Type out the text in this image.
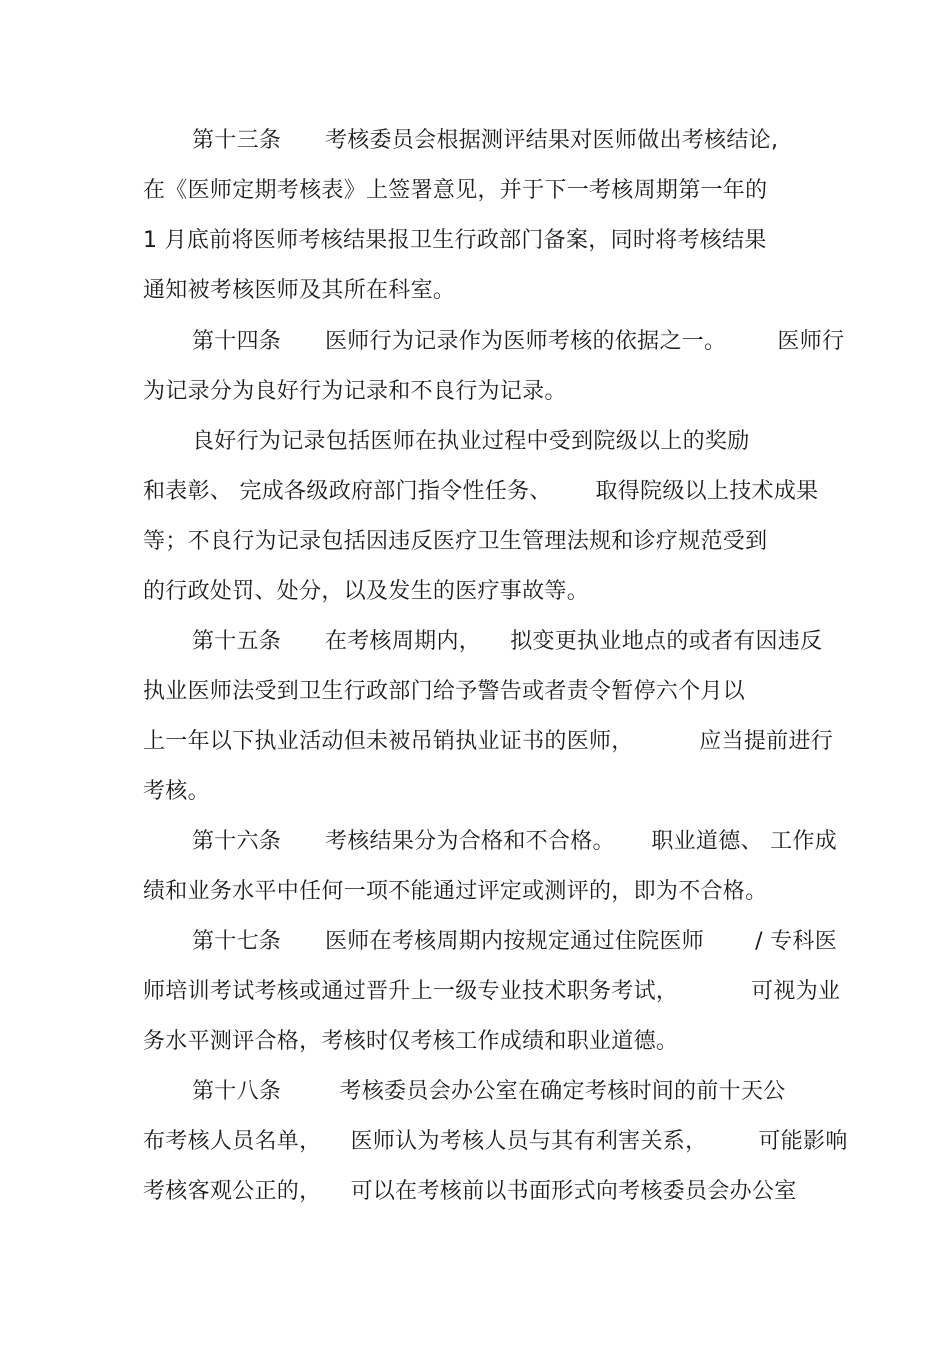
第十三条      考核委员会根据测评结果对医师做出考核结论,
在《医师定期考核表》上签署意见，并于下一考核周期第一年的
1 月底前将医师考核结果报卫生行政部门备案，同时将考核结果
通知被考核医师及其所在科室。
第十四条      医师行为记录作为医师考核的依据之一。       医师行
为记录分为良好行为记录和不良行为记录。
良好行为记录包括医师在执业过程中受到院级以上的奖励
和表彰、 完成各级政府部门指令性任务、      取得院级以上技术成果
等；不良行为记录包括因违反医疗卫生管理法规和诊疗规范受到
的行政处罚、处分，以及发生的医疗事故等。
第十五条      在考核周期内，    拟变更执业地点的或者有因违反
执业医师法受到卫生行政部门给予警告或者责令暂停六个月以
上一年以下执业活动但未被吊销执业证书的医师，         应当提前进行
考核。
第十六条      考核结果分为合格和不合格。     职业道德、 工作成
绩和业务水平中任何一项不能通过评定或测评的，即为不合格。
第十七条      医师在考核周期内按规定通过住院医师       / 专科医
师培训考试考核或通过晋升上一级专业技术职务考试，          可视为业
务水平测评合格，考核时仅考核工作成绩和职业道德。
第十八条        考核委员会办公室在确定考核时间的前十天公
布考核人员名单，    医师认为考核人员与其有利害关系，       可能影响
考核客观公正的，    可以在考核前以书面形式向考核委员会办公室
